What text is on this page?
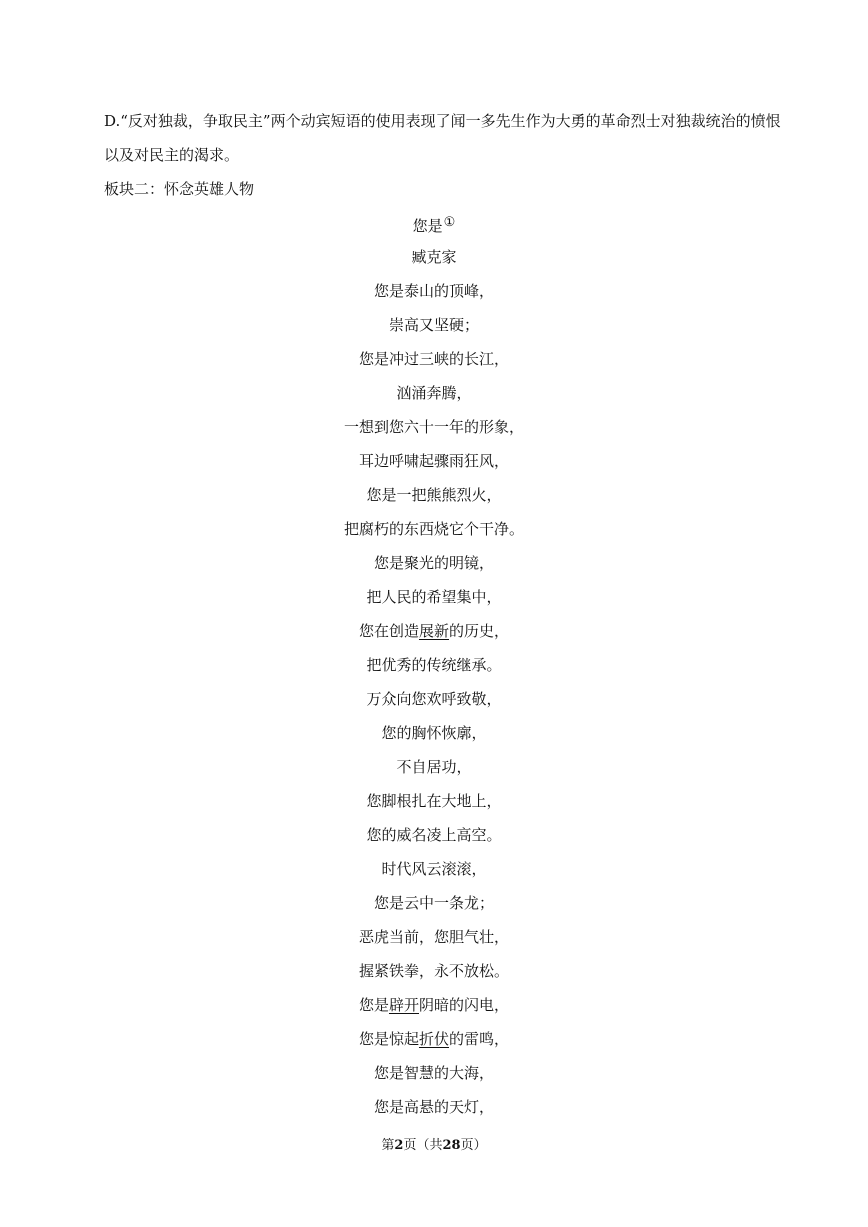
D.“反对独裁，争取民主”两个动宾短语的使用表现了闻一多先生作为大勇的革命烈士对独裁统治的愤恨以及对民主的渴求。
板块二：怀念英雄人物
您是①
臧克家
您是泰山的顶峰，
崇高又坚硬；
您是冲过三峡的长江，
汹涌奔腾，
一想到您六十一年的形象，
耳边呼啸起骤雨狂风，
您是一把熊熊烈火，
把腐朽的东西烧它个干净。
您是聚光的明镜，
把人民的希望集中，
您在创造展新的历史，
把优秀的传统继承。
万众向您欢呼致敬，
您的胸怀恢廓，
不自居功，
您脚根扎在大地上，
您的威名凌上高空。
时代风云滚滚，
您是云中一条龙；
恶虎当前，您胆气壮，
握紧铁拳，永不放松。
您是辟开阴暗的闪电，
您是惊起折伏的雷鸣，
您是智慧的大海，
您是高悬的天灯，
第2页（共28页）
